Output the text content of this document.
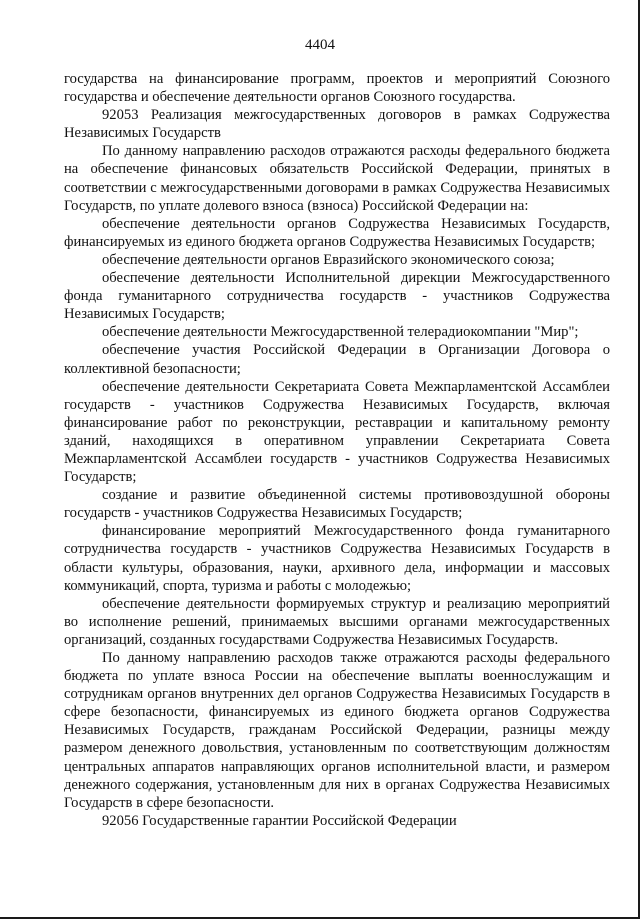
4404

государства на финансирование программ, проектов и мероприятий Союзного государства и обеспечение деятельности органов Союзного государства.

92053 Реализация межгосударственных договоров в рамках Содружества Независимых Государств

По данному направлению расходов отражаются расходы федерального бюджета на обеспечение финансовых обязательств Российской Федерации, принятых в соответствии с межгосударственными договорами в рамках Содружества Независимых Государств, по уплате долевого взноса (взноса) Российской Федерации на:

обеспечение деятельности органов Содружества Независимых Государств, финансируемых из единого бюджета органов Содружества Независимых Государств;

обеспечение деятельности органов Евразийского экономического союза;

обеспечение деятельности Исполнительной дирекции Межгосударственного фонда гуманитарного сотрудничества государств - участников Содружества Независимых Государств;

обеспечение деятельности Межгосударственной телерадиокомпании "Мир";

обеспечение участия Российской Федерации в Организации Договора о коллективной безопасности;

обеспечение деятельности Секретариата Совета Межпарламентской Ассамблеи государств - участников Содружества Независимых Государств, включая финансирование работ по реконструкции, реставрации и капитальному ремонту зданий, находящихся в оперативном управлении Секретариата Совета Межпарламентской Ассамблеи государств - участников Содружества Независимых Государств;

создание и развитие объединенной системы противовоздушной обороны государств - участников Содружества Независимых Государств;

финансирование мероприятий Межгосударственного фонда гуманитарного сотрудничества государств - участников Содружества Независимых Государств в области культуры, образования, науки, архивного дела, информации и массовых коммуникаций, спорта, туризма и работы с молодежью;

обеспечение деятельности формируемых структур и реализацию мероприятий во исполнение решений, принимаемых высшими органами межгосударственных организаций, созданных государствами Содружества Независимых Государств.

По данному направлению расходов также отражаются расходы федерального бюджета по уплате взноса России на обеспечение выплаты военнослужащим и сотрудникам органов внутренних дел органов Содружества Независимых Государств в сфере безопасности, финансируемых из единого бюджета органов Содружества Независимых Государств, гражданам Российской Федерации, разницы между размером денежного довольствия, установленным по соответствующим должностям центральных аппаратов направляющих органов исполнительной власти, и размером денежного содержания, установленным для них в органах Содружества Независимых Государств в сфере безопасности.

92056 Государственные гарантии Российской Федерации
